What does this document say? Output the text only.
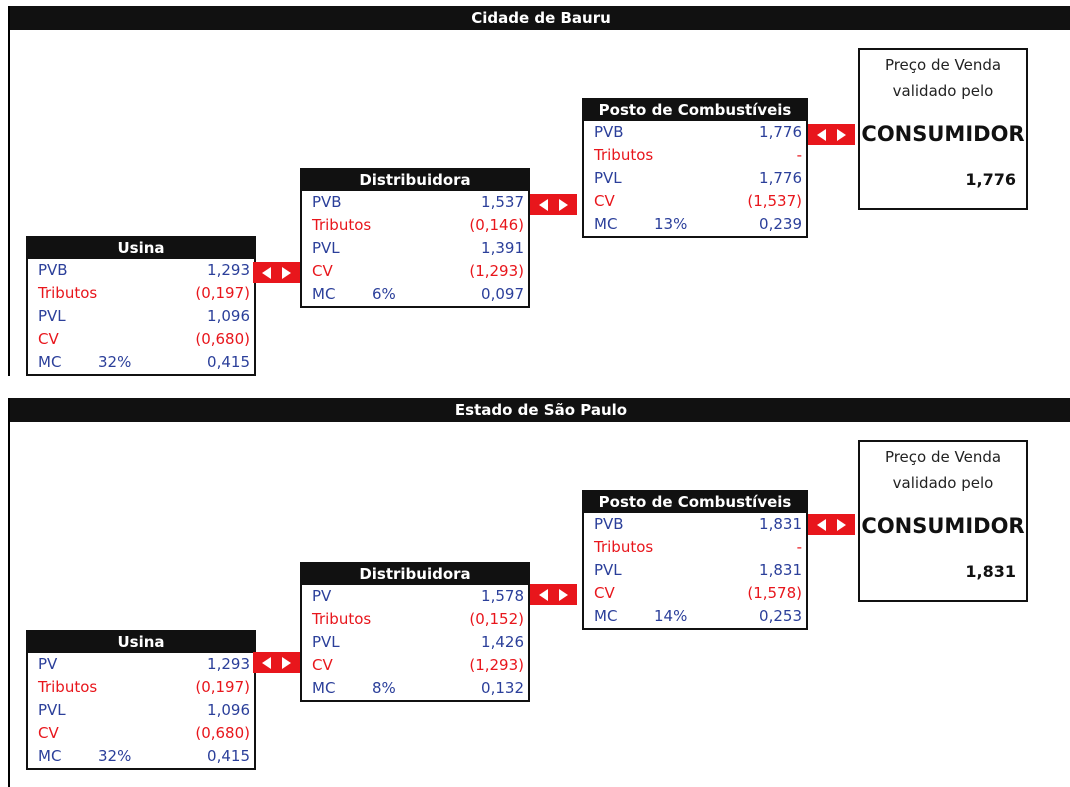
Cidade de Bauru
Usina
PVB	1,293
Tributos	(0,197)
PVL	1,096
CV	(0,680)
MC 32%	0,415
Distribuidora
PVB	1,537
Tributos	(0,146)
PVL	1,391
CV	(1,293)
MC 6%	0,097
Posto de Combustíveis
PVB	1,776
Tributos	-
PVL	1,776
CV	(1,537)
MC 13%	0,239
Preço de Venda
validado pelo
CONSUMIDOR
1,776
Estado de São Paulo
Usina
PV	1,293
Tributos	(0,197)
PVL	1,096
CV	(0,680)
MC 32%	0,415
Distribuidora
PV	1,578
Tributos	(0,152)
PVL	1,426
CV	(1,293)
MC 8%	0,132
Posto de Combustíveis
PVB	1,831
Tributos	-
PVL	1,831
CV	(1,578)
MC 14%	0,253
Preço de Venda
validado pelo
CONSUMIDOR
1,831
